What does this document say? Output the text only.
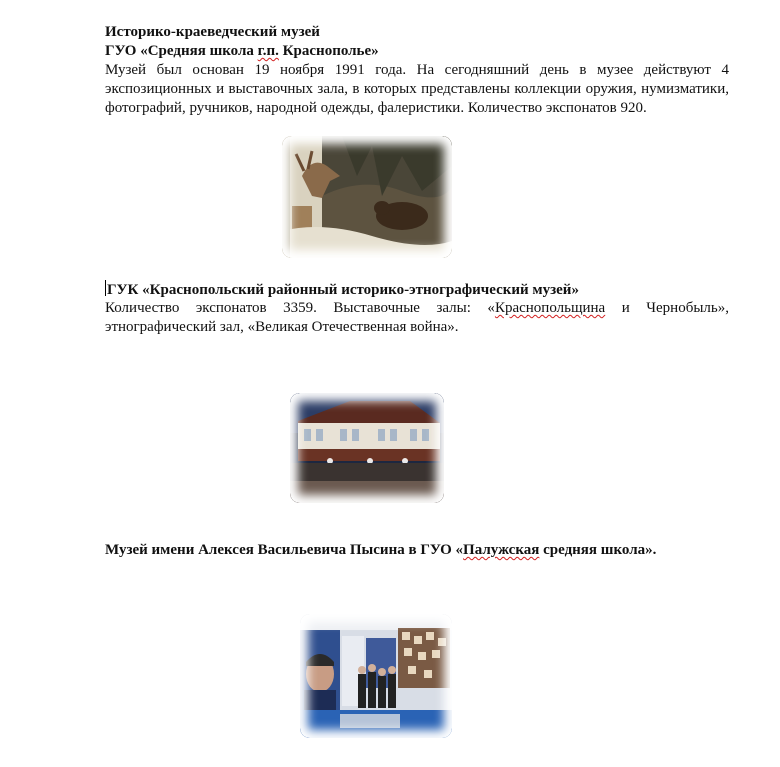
Историко-краеведческий музей
ГУО «Средняя школа г.п. Краснополье»
Музей был основан 19 ноября 1991 года. На сегодняшний день в музее действуют 4 экспозиционных и выставочных зала, в которых представлены коллекции оружия, нумизматики, фотографий, ручников, народной одежды, фалеристики. Количество экспонатов 920.
ГУК «Краснопольский районный историко-этнографический музей»
Количество экспонатов 3359. Выставочные залы: «Краснопольщина и Чернобыль», этнографический зал, «Великая Отечественная война».
Музей имени Алексея Васильевича Пысина в ГУО «Палужская средняя школа».
